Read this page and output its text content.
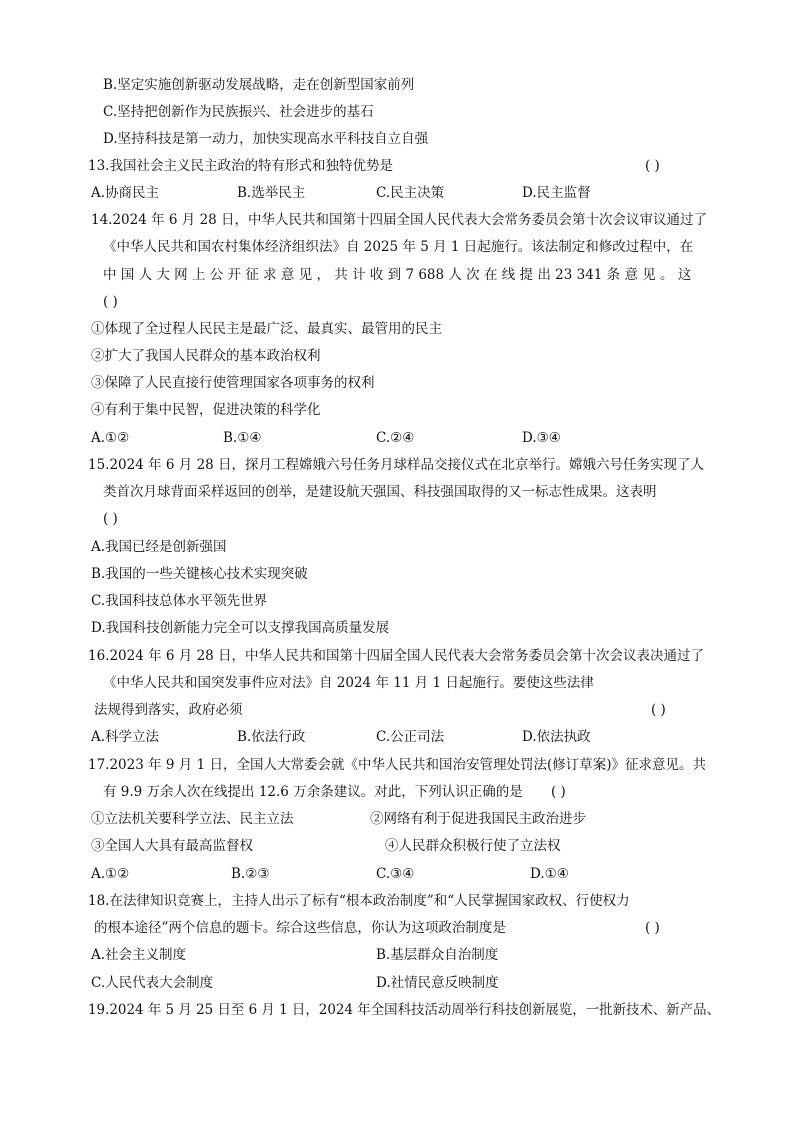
B.坚定实施创新驱动发展战略，走在创新型国家前列
C.坚持把创新作为民族振兴、社会进步的基石
D.坚持科技是第一动力，加快实现高水平科技自立自强
13.我国社会主义民主政治的特有形式和独特优势是	( )
A.协商民主	B.选举民主	C.民主决策	D.民主监督
14.2024 年 6 月 28 日，中华人民共和国第十四届全国人民代表大会常务委员会第十次会议审议通过了
《中华人民共和国农村集体经济组织法》自 2025 年 5 月 1 日起施行。该法制定和修改过程中，在
中 国 人 大 网 上 公 开 征 求 意 见 ， 共 计 收 到 7 688 人 次 在 线 提 出 23 341 条 意 见 。 这
( )
①体现了全过程人民民主是最广泛、最真实、最管用的民主
②扩大了我国人民群众的基本政治权利
③保障了人民直接行使管理国家各项事务的权利
④有利于集中民智，促进决策的科学化
A.①②	B.①④	C.②④	D.③④
15.2024 年 6 月 28 日，探月工程嫦娥六号任务月球样品交接仪式在北京举行。嫦娥六号任务实现了人
类首次月球背面采样返回的创举，是建设航天强国、科技强国取得的又一标志性成果。这表明
( )
A.我国已经是创新强国
B.我国的一些关键核心技术实现突破
C.我国科技总体水平领先世界
D.我国科技创新能力完全可以支撑我国高质量发展
16.2024 年 6 月 28 日，中华人民共和国第十四届全国人民代表大会常务委员会第十次会议表决通过了
《中华人民共和国突发事件应对法》自 2024 年 11 月 1 日起施行。要使这些法律
法规得到落实，政府必须	( )
A.科学立法	B.依法行政	C.公正司法	D.依法执政
17.2023 年 9 月 1 日，全国人大常委会就《中华人民共和国治安管理处罚法(修订草案)》征求意见。共
有 9.9 万余人次在线提出 12.6 万余条建议。对此，下列认识正确的是 ( )
①立法机关要科学立法、民主立法	②网络有利于促进我国民主政治进步
③全国人大具有最高监督权	④人民群众积极行使了立法权
A.①②	B.②③	C.③④	D.①④
18.在法律知识竞赛上，主持人出示了标有“根本政治制度”和“人民掌握国家政权、行使权力
的根本途径”两个信息的题卡。综合这些信息，你认为这项政治制度是	( )
A.社会主义制度	B.基层群众自治制度
C.人民代表大会制度	D.社情民意反映制度
19.2024 年 5 月 25 日至 6 月 1 日，2024 年全国科技活动周举行科技创新展览，一批新技术、新产品、
